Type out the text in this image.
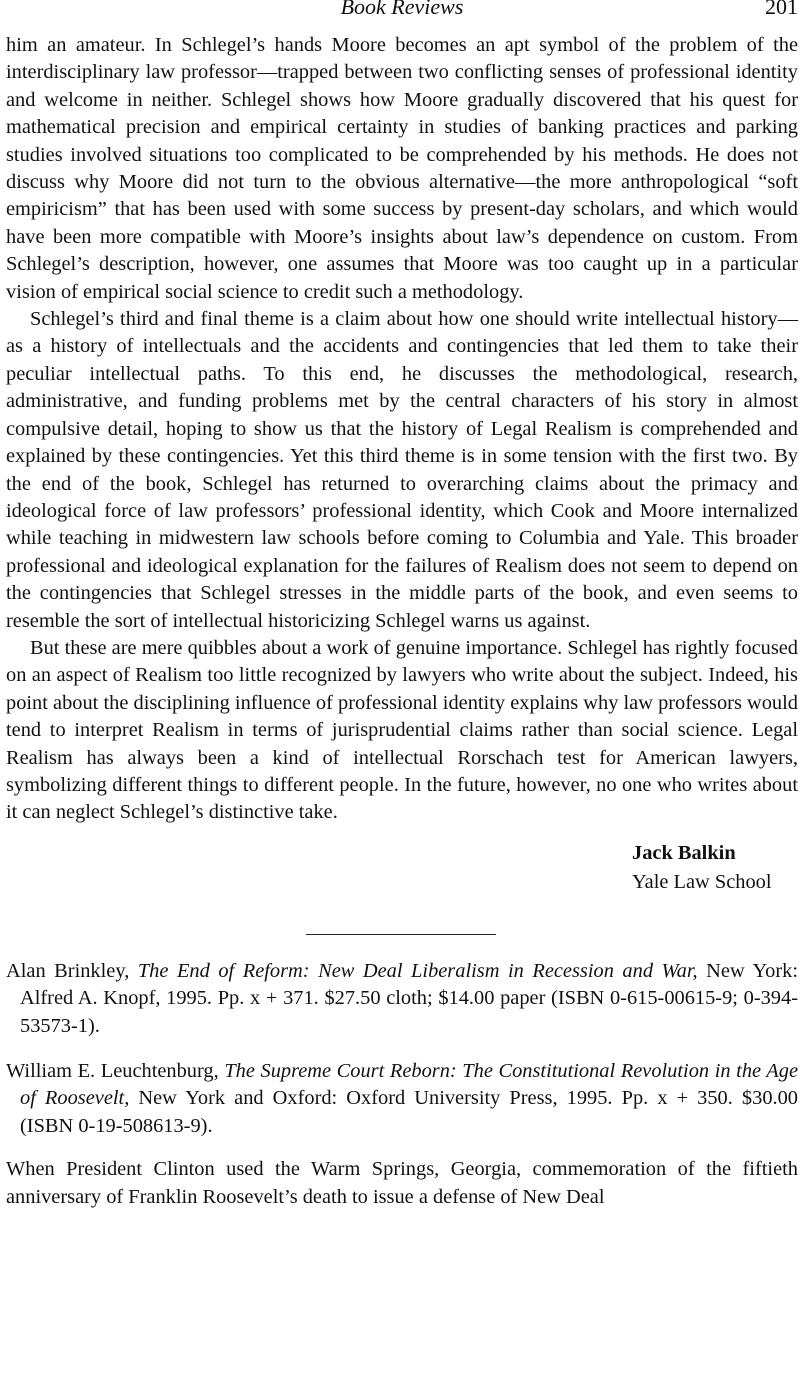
Book Reviews	201

him an amateur. In Schlegel’s hands Moore becomes an apt symbol of the problem of the interdisciplinary law professor—trapped between two conflicting senses of professional identity and welcome in neither. Schlegel shows how Moore gradually discovered that his quest for mathematical precision and empirical certainty in studies of banking practices and parking studies involved situations too complicated to be comprehended by his methods. He does not discuss why Moore did not turn to the obvious alternative—the more anthropological “soft empiricism” that has been used with some success by present-day scholars, and which would have been more compatible with Moore’s insights about law’s dependence on custom. From Schlegel’s description, however, one assumes that Moore was too caught up in a particular vision of empirical social science to credit such a methodology.

Schlegel’s third and final theme is a claim about how one should write intellectual history—as a history of intellectuals and the accidents and contingencies that led them to take their peculiar intellectual paths. To this end, he discusses the methodological, research, administrative, and funding problems met by the central characters of his story in almost compulsive detail, hoping to show us that the history of Legal Realism is comprehended and explained by these contingencies. Yet this third theme is in some tension with the first two. By the end of the book, Schlegel has returned to overarching claims about the primacy and ideological force of law professors’ professional identity, which Cook and Moore internalized while teaching in midwestern law schools before coming to Columbia and Yale. This broader professional and ideological explanation for the failures of Realism does not seem to depend on the contingencies that Schlegel stresses in the middle parts of the book, and even seems to resemble the sort of intellectual historicizing Schlegel warns us against.

But these are mere quibbles about a work of genuine importance. Schlegel has rightly focused on an aspect of Realism too little recognized by lawyers who write about the subject. Indeed, his point about the disciplining influence of professional identity explains why law professors would tend to interpret Realism in terms of jurisprudential claims rather than social science. Legal Realism has always been a kind of intellectual Rorschach test for American lawyers, symbolizing different things to different people. In the future, however, no one who writes about it can neglect Schlegel’s distinctive take.

Jack Balkin
Yale Law School
Alan Brinkley, The End of Reform: New Deal Liberalism in Recession and War, New York: Alfred A. Knopf, 1995. Pp. x + 371. $27.50 cloth; $14.00 paper (ISBN 0-615-00615-9; 0-394-53573-1).
William E. Leuchtenburg, The Supreme Court Reborn: The Constitutional Revolution in the Age of Roosevelt, New York and Oxford: Oxford University Press, 1995. Pp. x + 350. $30.00 (ISBN 0-19-508613-9).
When President Clinton used the Warm Springs, Georgia, commemoration of the fiftieth anniversary of Franklin Roosevelt’s death to issue a defense of New Deal
